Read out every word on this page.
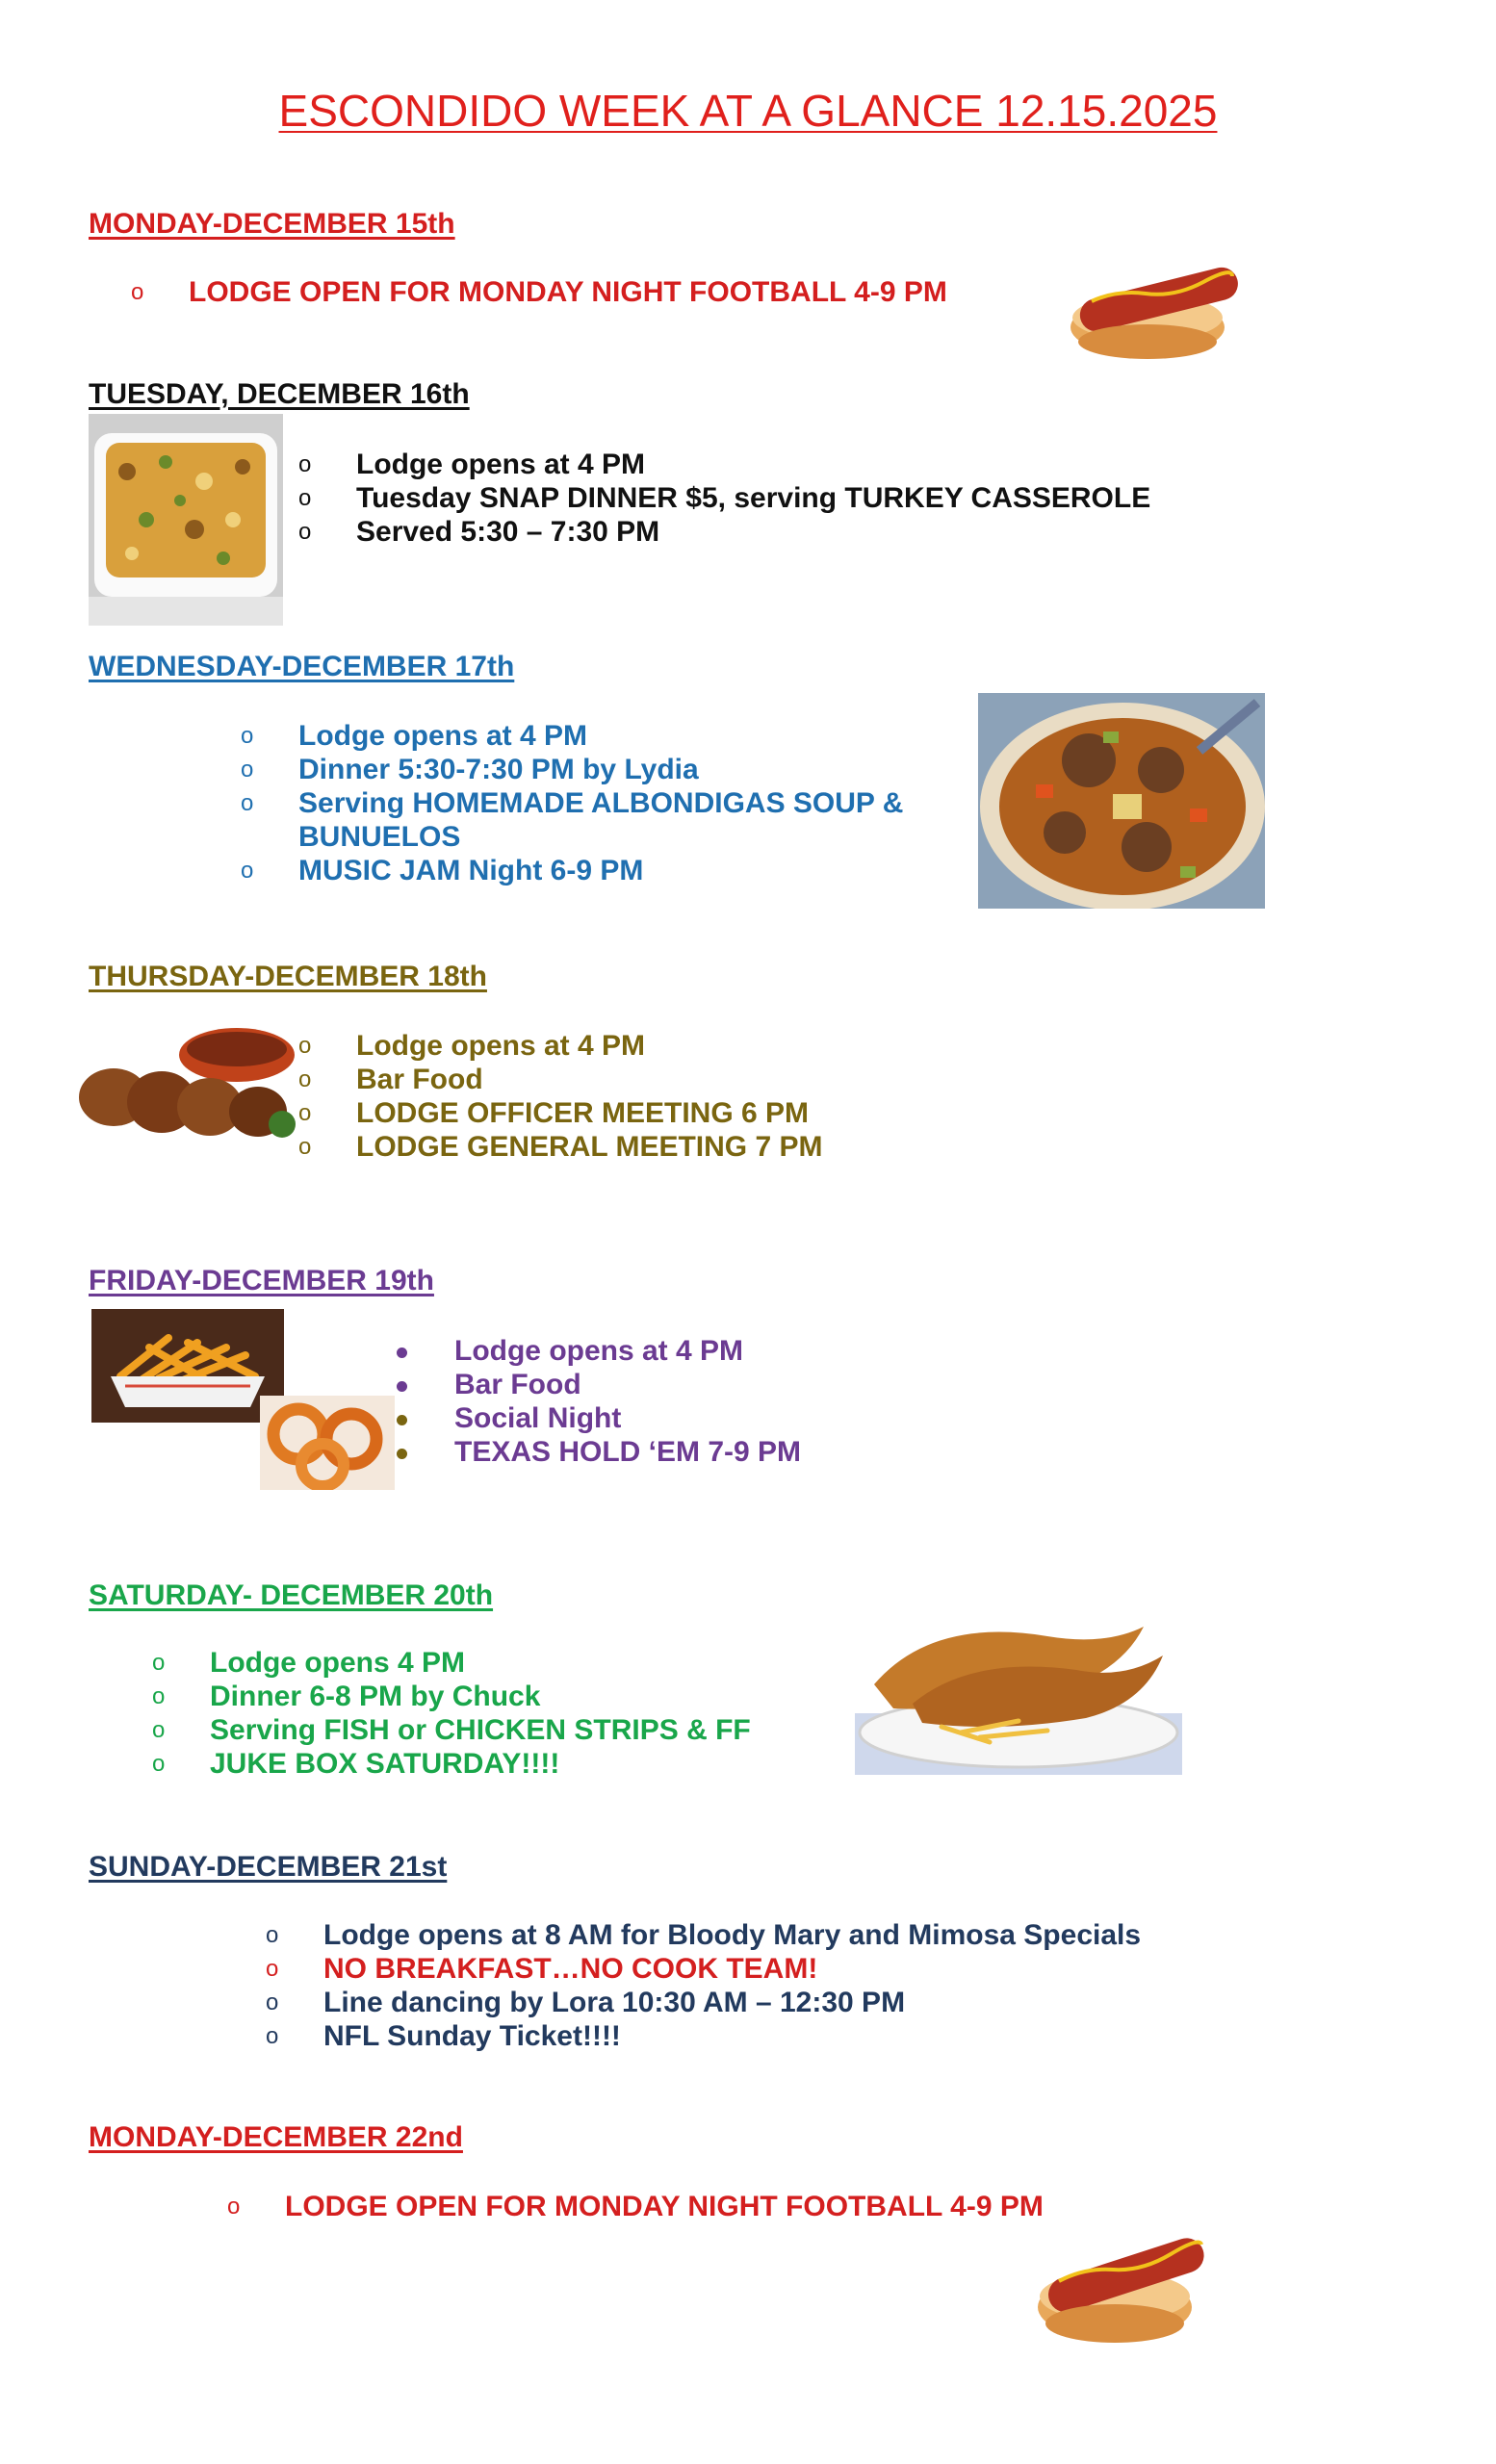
ESCONDIDO WEEK AT A GLANCE 12.15.2025
MONDAY-DECEMBER 15th
o LODGE OPEN FOR MONDAY NIGHT FOOTBALL 4-9 PM
TUESDAY, DECEMBER 16th
o Lodge opens at 4 PM
o Tuesday SNAP DINNER $5, serving TURKEY CASSEROLE
o Served 5:30 – 7:30 PM
WEDNESDAY-DECEMBER 17th
o Lodge opens at 4 PM
o Dinner 5:30-7:30 PM by Lydia
o Serving HOMEMADE ALBONDIGAS SOUP & BUNUELOS
o MUSIC JAM Night 6-9 PM
THURSDAY-DECEMBER 18th
o Lodge opens at 4 PM
o Bar Food
o LODGE OFFICER MEETING 6 PM
o LODGE GENERAL MEETING 7 PM
FRIDAY-DECEMBER 19th
Lodge opens at 4 PM
Bar Food
Social Night
TEXAS HOLD ‘EM 7-9 PM
SATURDAY- DECEMBER 20th
o Lodge opens 4 PM
o Dinner 6-8 PM by Chuck
o Serving FISH or CHICKEN STRIPS & FF
o JUKE BOX SATURDAY!!!!
SUNDAY-DECEMBER 21st
o Lodge opens at 8 AM for Bloody Mary and Mimosa Specials
o NO BREAKFAST…NO COOK TEAM!
o Line dancing by Lora 10:30 AM – 12:30 PM
o NFL Sunday Ticket!!!!
MONDAY-DECEMBER 22nd
o LODGE OPEN FOR MONDAY NIGHT FOOTBALL 4-9 PM
